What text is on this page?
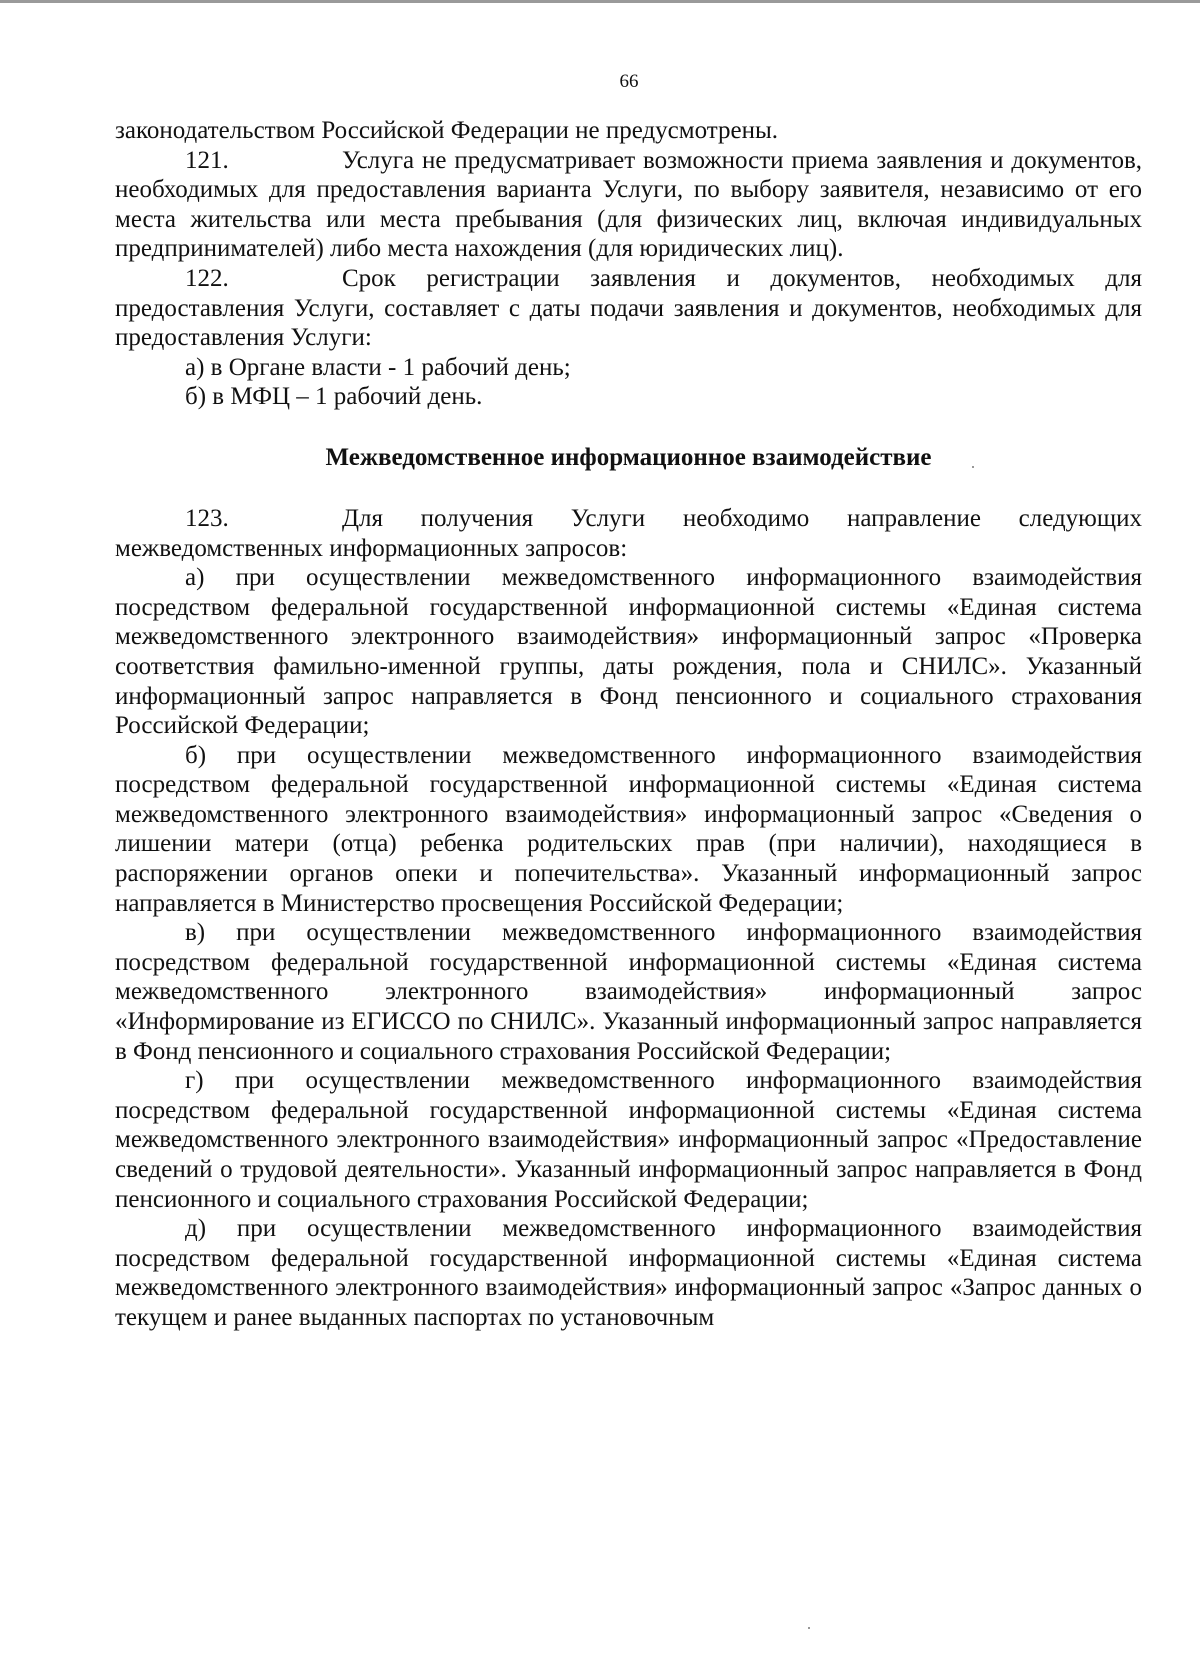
66

законодательством Российской Федерации не предусмотрены.

121.	Услуга не предусматривает возможности приема заявления и документов, необходимых для предоставления варианта Услуги, по выбору заявителя, независимо от его места жительства или места пребывания (для физических лиц, включая индивидуальных предпринимателей) либо места нахождения (для юридических лиц).

122.	Срок регистрации заявления и документов, необходимых для предоставления Услуги, составляет с даты подачи заявления и документов, необходимых для предоставления Услуги:

а) в Органе власти - 1 рабочий день;

б) в МФЦ – 1 рабочий день.

Межведомственное информационное взаимодействие

123.	Для получения Услуги необходимо направление следующих межведомственных информационных запросов:

а) при осуществлении межведомственного информационного взаимодействия посредством федеральной государственной информационной системы «Единая система межведомственного электронного взаимодействия» информационный запрос «Проверка соответствия фамильно-именной группы, даты рождения, пола и СНИЛС». Указанный информационный запрос направляется в Фонд пенсионного и социального страхования Российской Федерации;

б) при осуществлении межведомственного информационного взаимодействия посредством федеральной государственной информационной системы «Единая система межведомственного электронного взаимодействия» информационный запрос «Сведения о лишении матери (отца) ребенка родительских прав (при наличии), находящиеся в распоряжении органов опеки и попечительства». Указанный информационный запрос направляется в Министерство просвещения Российской Федерации;

в) при осуществлении межведомственного информационного взаимодействия посредством федеральной государственной информационной системы «Единая система межведомственного электронного взаимодействия» информационный запрос «Информирование из ЕГИССО по СНИЛС». Указанный информационный запрос направляется в Фонд пенсионного и социального страхования Российской Федерации;

г) при осуществлении межведомственного информационного взаимодействия посредством федеральной государственной информационной системы «Единая система межведомственного электронного взаимодействия» информационный запрос «Предоставление сведений о трудовой деятельности». Указанный информационный запрос направляется в Фонд пенсионного и социального страхования Российской Федерации;

д) при осуществлении межведомственного информационного взаимодействия посредством федеральной государственной информационной системы «Единая система межведомственного электронного взаимодействия» информационный запрос «Запрос данных о текущем и ранее выданных паспортах по установочным
